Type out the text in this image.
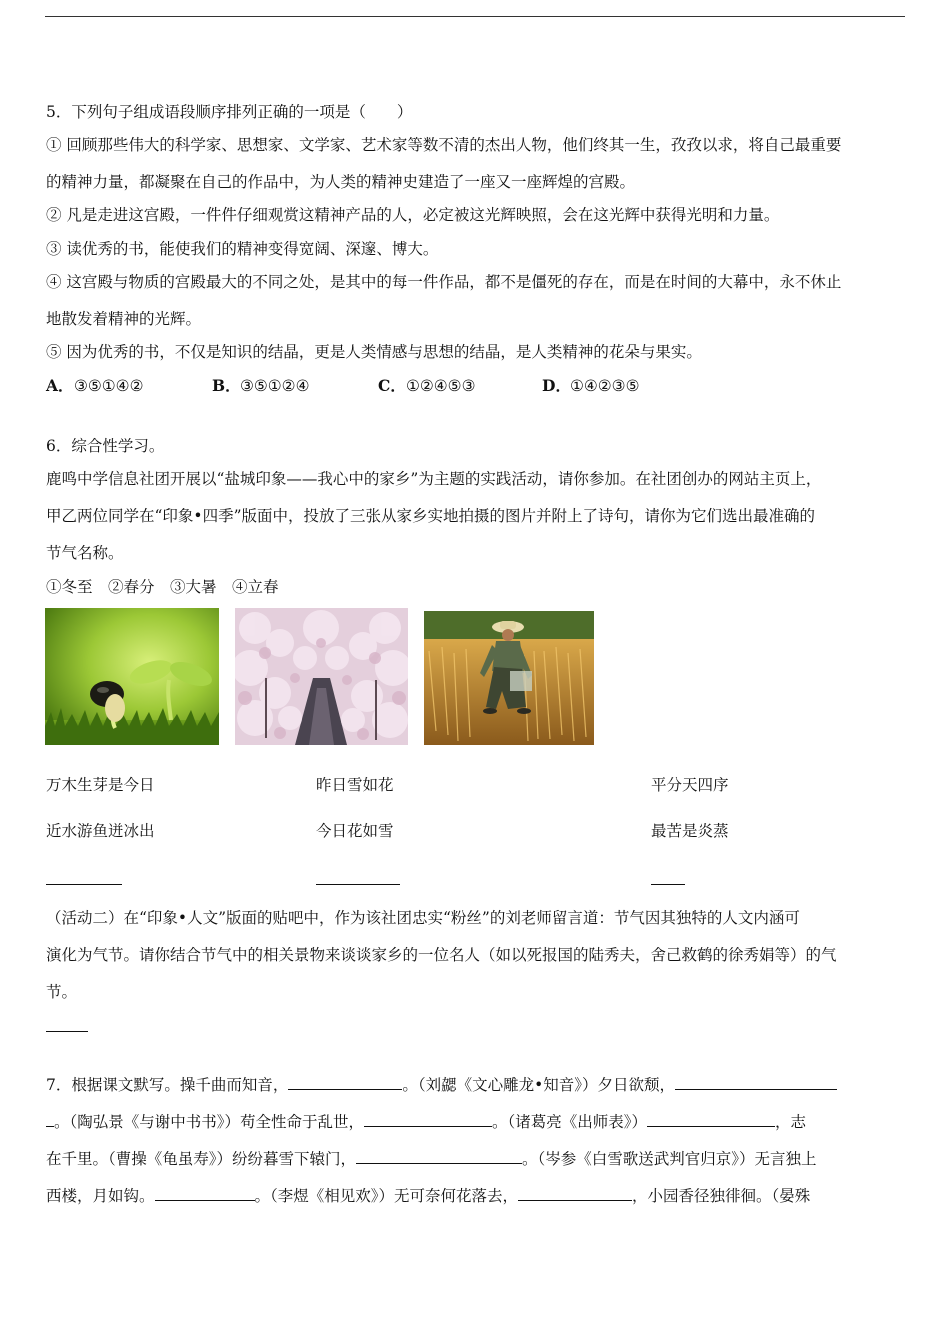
5．下列句子组成语段顺序排列正确的一项是（　　）
① 回顾那些伟大的科学家、思想家、文学家、艺术家等数不清的杰出人物，他们终其一生，孜孜以求，将自己最重要
的精神力量，都凝聚在自己的作品中，为人类的精神史建造了一座又一座辉煌的宫殿。
② 凡是走进这宫殿，一件件仔细观赏这精神产品的人，必定被这光辉映照，会在这光辉中获得光明和力量。
③ 读优秀的书，能使我们的精神变得宽阔、深邃、博大。
④ 这宫殿与物质的宫殿最大的不同之处，是其中的每一件作品，都不是僵死的存在，而是在时间的大幕中，永不休止
地散发着精神的光辉。
⑤ 因为优秀的书，不仅是知识的结晶，更是人类情感与思想的结晶，是人类精神的花朵与果实。
A． ③⑤①④②	B． ③⑤①②④	C． ①②④⑤③	D． ①④②③⑤
6．综合性学习。
鹿鸣中学信息社团开展以“盐城印象——我心中的家乡”为主题的实践活动，请你参加。在社团创办的网站主页上，
甲乙两位同学在“印象•四季”版面中，投放了三张从家乡实地拍摄的图片并附上了诗句，请你为它们选出最准确的
节气名称。
①冬至　②春分　③大暑　④立春
万木生芽是今日	昨日雪如花	平分天四序
近水游鱼迸冰出	今日花如雪	最苦是炎蒸
（活动二）在“印象•人文”版面的贴吧中，作为该社团忠实“粉丝”的刘老师留言道：节气因其独特的人文内涵可
演化为气节。请你结合节气中的相关景物来谈谈家乡的一位名人（如以死报国的陆秀夫，舍己救鹤的徐秀娟等）的气
节。
7．根据课文默写。操千曲而知音，	。（刘勰《文心雕龙•知音》）夕日欲颓，
。（陶弘景《与谢中书书》）苟全性命于乱世，	。（诸葛亮《出师表》）	，志
在千里。（曹操《龟虽寿》）纷纷暮雪下辕门，	。（岑参《白雪歌送武判官归京》）无言独上
西楼，月如钩。	。（李煜《相见欢》）无可奈何花落去，	，小园香径独徘徊。（晏殊
